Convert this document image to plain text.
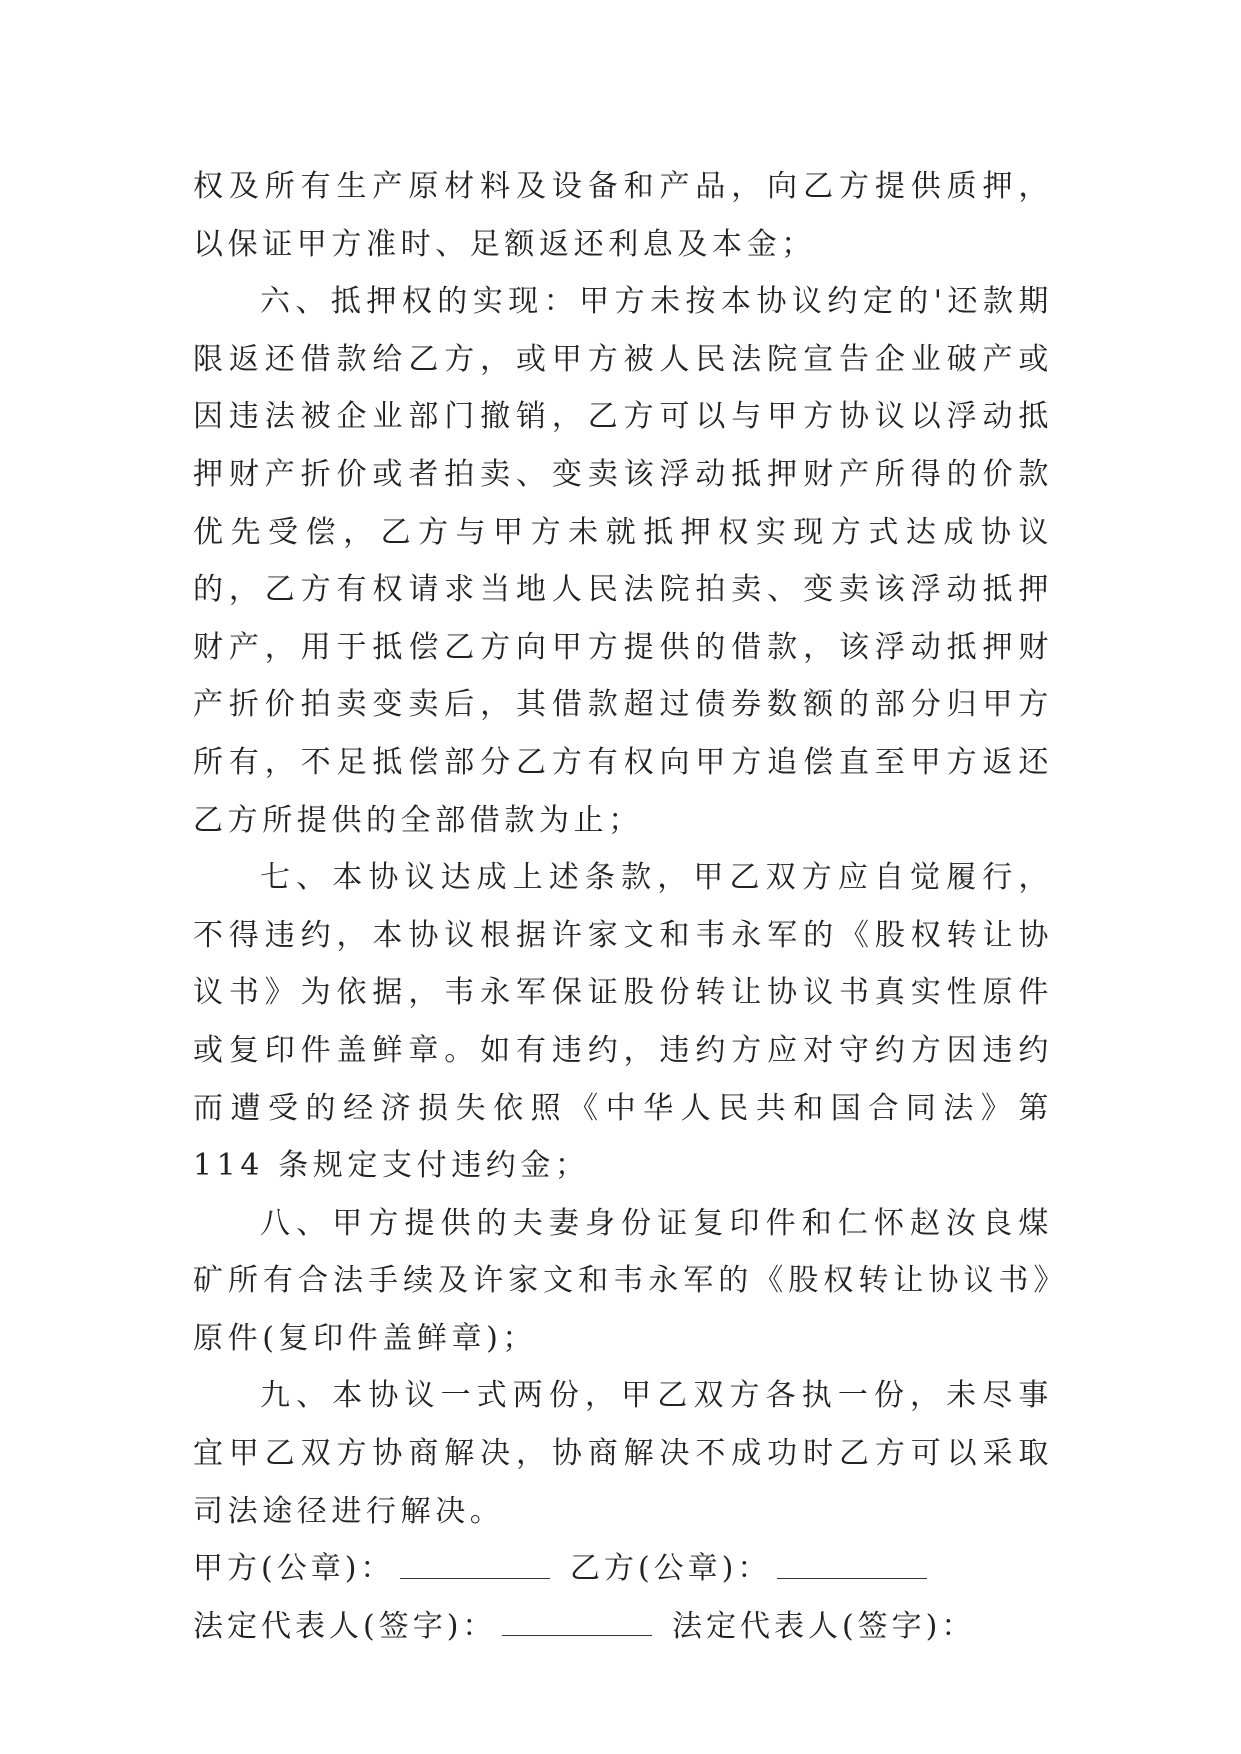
权及所有生产原材料及设备和产品，向乙方提供质押，以保证甲方准时、足额返还利息及本金；

六、抵押权的实现：甲方未按本协议约定的'还款期限返还借款给乙方，或甲方被人民法院宣告企业破产或因违法被企业部门撤销，乙方可以与甲方协议以浮动抵押财产折价或者拍卖、变卖该浮动抵押财产所得的价款优先受偿，乙方与甲方未就抵押权实现方式达成协议的，乙方有权请求当地人民法院拍卖、变卖该浮动抵押财产，用于抵偿乙方向甲方提供的借款，该浮动抵押财产折价拍卖变卖后，其借款超过债券数额的部分归甲方所有，不足抵偿部分乙方有权向甲方追偿直至甲方返还乙方所提供的全部借款为止；

七、本协议达成上述条款，甲乙双方应自觉履行，不得违约，本协议根据许家文和韦永军的《股权转让协议书》为依据，韦永军保证股份转让协议书真实性原件或复印件盖鲜章。如有违约，违约方应对守约方因违约而遭受的经济损失依照《中华人民共和国合同法》第 114 条规定支付违约金；

八、甲方提供的夫妻身份证复印件和仁怀赵汝良煤矿所有合法手续及许家文和韦永军的《股权转让协议书》原件(复印件盖鲜章)；

九、本协议一式两份，甲乙双方各执一份，未尽事宜甲乙双方协商解决，协商解决不成功时乙方可以采取司法途径进行解决。

甲方(公章)：	乙方(公章)：

法定代表人(签字)：	法定代表人(签字)：
